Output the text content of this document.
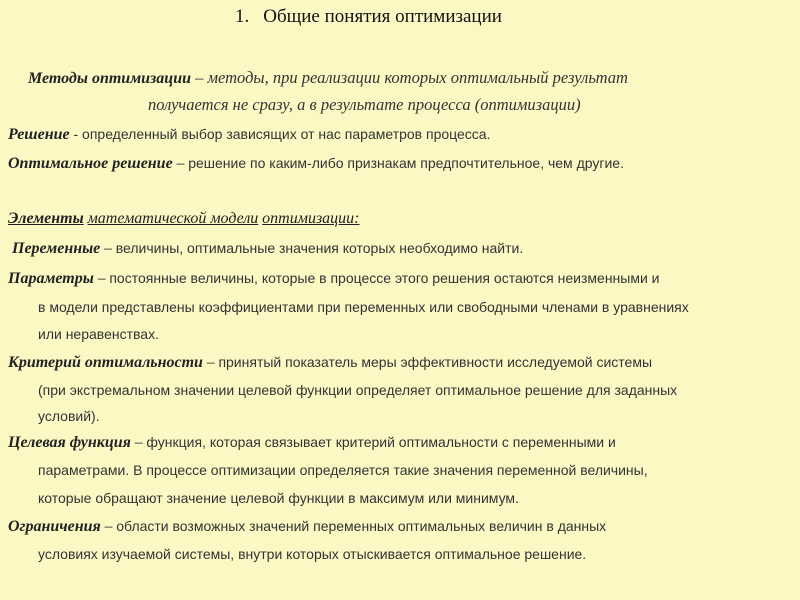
1. Общие понятия оптимизации
Методы оптимизации – методы, при реализации которых оптимальный результат
получается не сразу, а в результате процесса (оптимизации)
Решение - определенный выбор зависящих от нас параметров процесса.
Оптимальное решение – решение по каким-либо признакам предпочтительное, чем другие.
Элементы математической модели оптимизации:
Переменные – величины, оптимальные значения которых необходимо найти.
Параметры – постоянные величины, которые в процессе этого решения остаются неизменными и
в модели представлены коэффициентами при переменных или свободными членами в уравнениях
или неравенствах.
Критерий оптимальности – принятый показатель меры эффективности исследуемой системы
(при экстремальном значении целевой функции определяет оптимальное решение для заданных
условий).
Целевая функция – функция, которая связывает критерий оптимальности с переменными и
параметрами. В процессе оптимизации определяется такие значения переменной величины,
которые обращают значение целевой функции в максимум или минимум.
Ограничения – области возможных значений переменных оптимальных величин в данных
условиях изучаемой системы, внутри которых отыскивается оптимальное решение.
